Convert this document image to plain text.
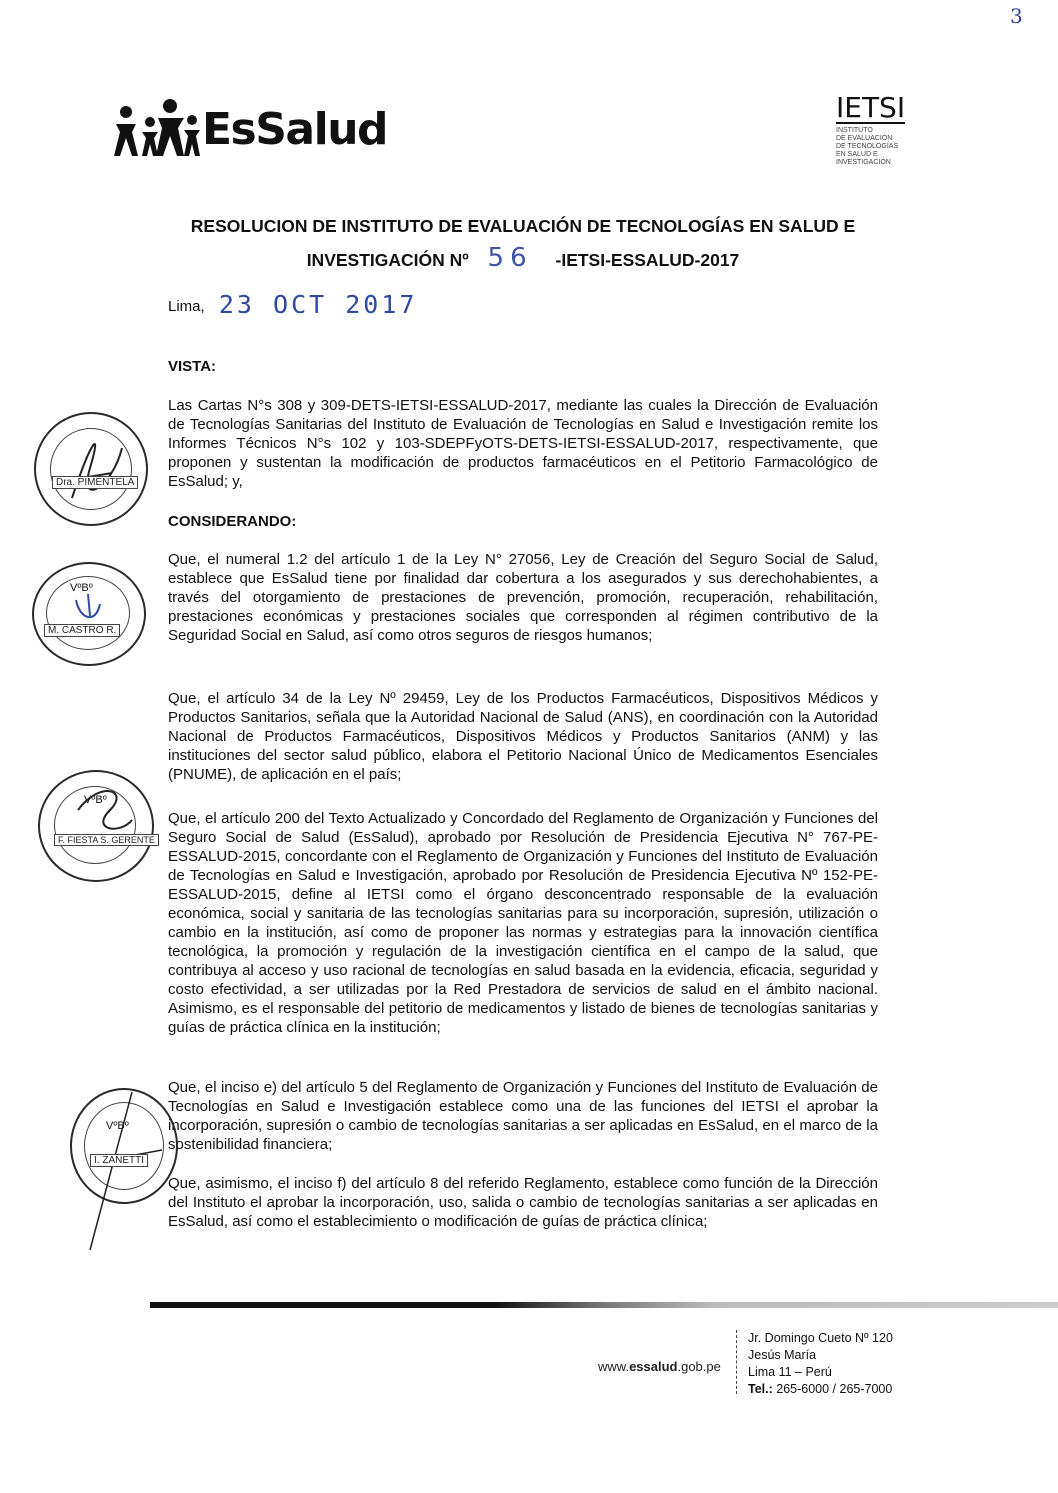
3
EsSalud	IETSI
INSTITUTO
DE EVALUACIÓN
DE TECNOLOGÍAS
EN SALUD E
INVESTIGACIÓN
RESOLUCION DE INSTITUTO DE EVALUACIÓN DE TECNOLOGÍAS EN SALUD E
INVESTIGACIÓN Nº 56 -IETSI-ESSALUD-2017
Lima, 23 OCT 2017
VISTA:
Las Cartas N°s 308 y 309-DETS-IETSI-ESSALUD-2017, mediante las cuales la Dirección de Evaluación de Tecnologías Sanitarias del Instituto de Evaluación de Tecnologías en Salud e Investigación remite los Informes Técnicos N°s 102 y 103-SDEPFyOTS-DETS-IETSI-ESSALUD-2017, respectivamente, que proponen y sustentan la modificación de productos farmacéuticos en el Petitorio Farmacológico de EsSalud; y,
CONSIDERANDO:
Que, el numeral 1.2 del artículo 1 de la Ley N° 27056, Ley de Creación del Seguro Social de Salud, establece que EsSalud tiene por finalidad dar cobertura a los asegurados y sus derechohabientes, a través del otorgamiento de prestaciones de prevención, promoción, recuperación, rehabilitación, prestaciones económicas y prestaciones sociales que corresponden al régimen contributivo de la Seguridad Social en Salud, así como otros seguros de riesgos humanos;
Que, el artículo 34 de la Ley Nº 29459, Ley de los Productos Farmacéuticos, Dispositivos Médicos y Productos Sanitarios, señala que la Autoridad Nacional de Salud (ANS), en coordinación con la Autoridad Nacional de Productos Farmacéuticos, Dispositivos Médicos y Productos Sanitarios (ANM) y las instituciones del sector salud público, elabora el Petitorio Nacional Único de Medicamentos Esenciales (PNUME), de aplicación en el país;
Que, el artículo 200 del Texto Actualizado y Concordado del Reglamento de Organización y Funciones del Seguro Social de Salud (EsSalud), aprobado por Resolución de Presidencia Ejecutiva N° 767-PE-ESSALUD-2015, concordante con el Reglamento de Organización y Funciones del Instituto de Evaluación de Tecnologías en Salud e Investigación, aprobado por Resolución de Presidencia Ejecutiva Nº 152-PE-ESSALUD-2015, define al IETSI como el órgano desconcentrado responsable de la evaluación económica, social y sanitaria de las tecnologías sanitarias para su incorporación, supresión, utilización o cambio en la institución, así como de proponer las normas y estrategias para la innovación científica tecnológica, la promoción y regulación de la investigación científica en el campo de la salud, que contribuya al acceso y uso racional de tecnologías en salud basada en la evidencia, eficacia, seguridad y costo efectividad, a ser utilizadas por la Red Prestadora de servicios de salud en el ámbito nacional. Asimismo, es el responsable del petitorio de medicamentos y listado de bienes de tecnologías sanitarias y guías de práctica clínica en la institución;
Que, el inciso e) del artículo 5 del Reglamento de Organización y Funciones del Instituto de Evaluación de Tecnologías en Salud e Investigación establece como una de las funciones del IETSI el aprobar la incorporación, supresión o cambio de tecnologías sanitarias a ser aplicadas en EsSalud, en el marco de la sostenibilidad financiera;
Que, asimismo, el inciso f) del artículo 8 del referido Reglamento, establece como función de la Dirección del Instituto el aprobar la incorporación, uso, salida o cambio de tecnologías sanitarias a ser aplicadas en EsSalud, así como el establecimiento o modificación de guías de práctica clínica;
Dra. PIMENTELA
VºBº
M. CASTRO R.
VºBº
F. FIESTA S. GERENTE
VºBº
I. ZANETTI
www.essalud.gob.pe
Jr. Domingo Cueto Nº 120
Jesús María
Lima 11 – Perú
Tel.: 265-6000 / 265-7000
